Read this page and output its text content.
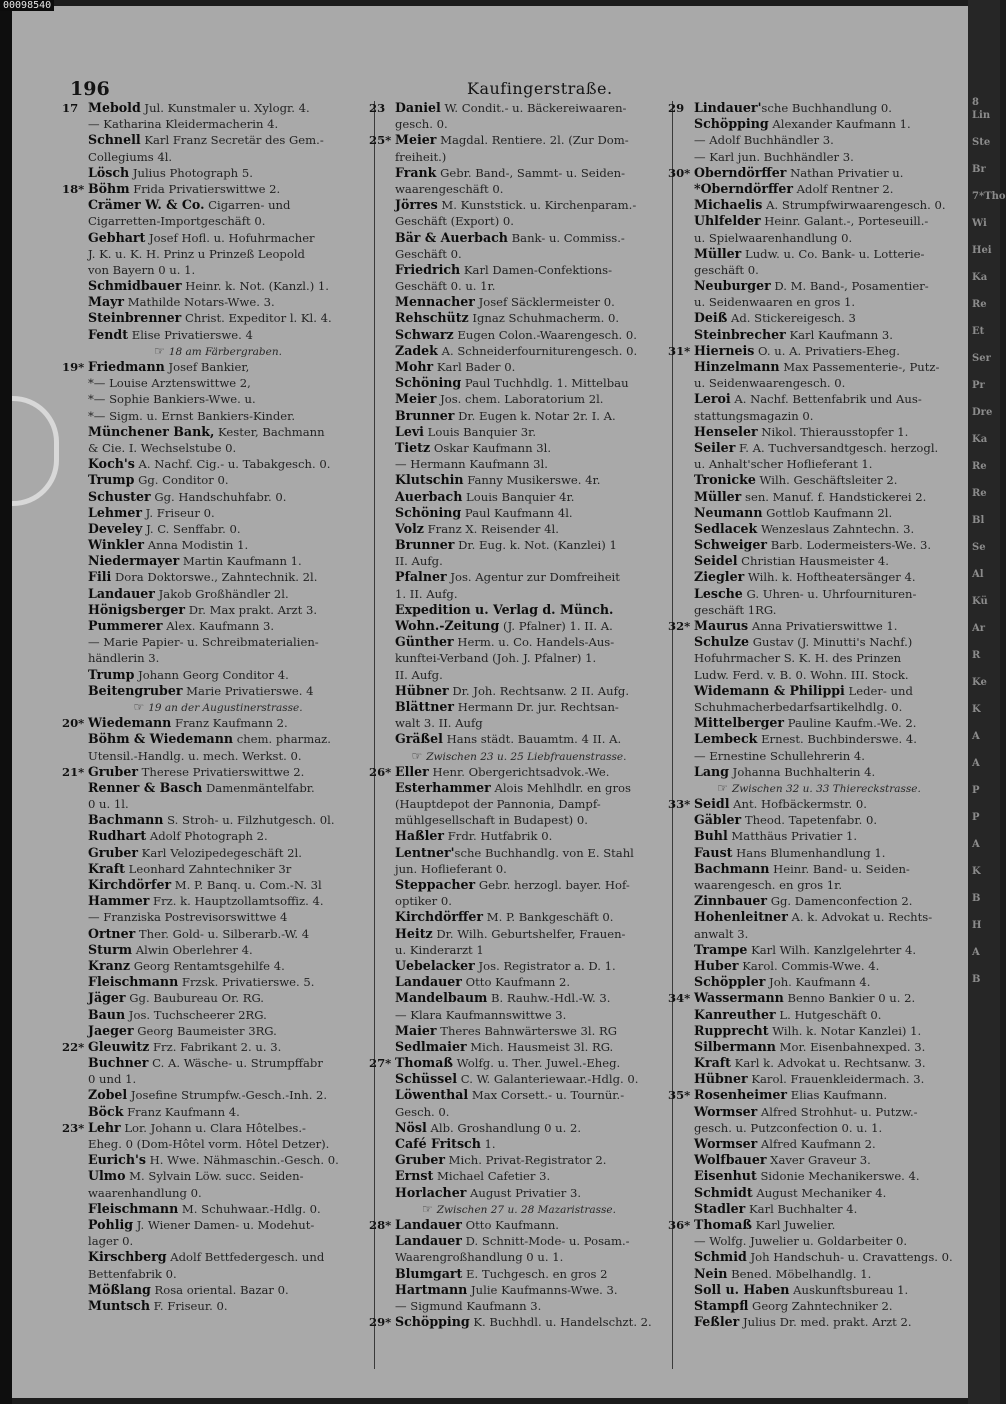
196	Kaufingerstraße.
17 Mebold Jul. Kunstmaler u. Xylogr. 4.
— Katharina Kleidermacherin 4.
Schnell Karl Franz Secretär des Gem.-
Collegiums 4l.
Lösch Julius Photograph 5.
18* Böhm Frida Privatierswittwe 2.
Crämer W. & Co. Cigarren- und
Cigarretten-Importgeschäft 0.
Gebhart Josef Hofl. u. Hofuhrmacher
J. K. u. K. H. Prinz u Prinzeß Leopold
von Bayern 0 u. 1.
Schmidbauer Heinr. k. Not. (Kanzl.) 1.
Mayr Mathilde Notars-Wwe. 3.
Steinbrenner Christ. Expeditor l. Kl. 4.
Fendt Elise Privatierswe. 4
☞ 18 am Färbergraben.
19* Friedmann Josef Bankier,
*— Louise Arztenswittwe 2,
*— Sophie Bankiers-Wwe. u.
*— Sigm. u. Ernst Bankiers-Kinder.
Münchener Bank, Kester, Bachmann
& Cie. I. Wechselstube 0.
Koch's A. Nachf. Cig.- u. Tabakgesch. 0.
Trump Gg. Conditor 0.
Schuster Gg. Handschuhfabr. 0.
Lehmer J. Friseur 0.
Develey J. C. Senffabr. 0.
Winkler Anna Modistin 1.
Niedermayer Martin Kaufmann 1.
Fili Dora Doktorswe., Zahntechnik. 2l.
Landauer Jakob Großhändler 2l.
Hönigsberger Dr. Max prakt. Arzt 3.
Pummerer Alex. Kaufmann 3.
— Marie Papier- u. Schreibmaterialien-
händlerin 3.
Trump Johann Georg Conditor 4.
Beitengruber Marie Privatierswe. 4
☞ 19 an der Augustinerstrasse.
20* Wiedemann Franz Kaufmann 2.
Böhm & Wiedemann chem. pharmaz.
Utensil.-Handlg. u. mech. Werkst. 0.
21* Gruber Therese Privatierswittwe 2.
Renner & Basch Damenmäntelfabr.
0 u. 1l.
Bachmann S. Stroh- u. Filzhutgesch. 0l.
Rudhart Adolf Photograph 2.
Gruber Karl Velozipedegeschäft 2l.
Kraft Leonhard Zahntechniker 3r
Kirchdörfer M. P. Banq. u. Com.-N. 3l
Hammer Frz. k. Hauptzollamtsoffiz. 4.
— Franziska Postrevisorswittwe 4
Ortner Ther. Gold- u. Silberarb.-W. 4
Sturm Alwin Oberlehrer 4.
Kranz Georg Rentamtsgehilfe 4.
Fleischmann Frzsk. Privatierswe. 5.
Jäger Gg. Baubureau Or. RG.
Baun Jos. Tuchscheerer 2RG.
Jaeger Georg Baumeister 3RG.
22* Gleuwitz Frz. Fabrikant 2. u. 3.
Buchner C. A. Wäsche- u. Strumpffabr
0 und 1.
Zobel Josefine Strumpfw.-Gesch.-Inh. 2.
Böck Franz Kaufmann 4.
23* Lehr Lor. Johann u. Clara Hôtelbes.-
Eheg. 0 (Dom-Hôtel vorm. Hôtel Detzer).
Eurich's H. Wwe. Nähmaschin.-Gesch. 0.
Ulmo M. Sylvain Löw. succ. Seiden-
waarenhandlung 0.
Fleischmann M. Schuhwaar.-Hdlg. 0.
Pohlig J. Wiener Damen- u. Modehut-
lager 0.
Kirschberg Adolf Bettfedergesch. und
Bettenfabrik 0.
Mößlang Rosa oriental. Bazar 0.
Muntsch F. Friseur. 0.
23 Daniel W. Condit.- u. Bäckereiwaaren-
gesch. 0.
25* Meier Magdal. Rentiere. 2l. (Zur Dom-
freiheit.)
Frank Gebr. Band-, Sammt- u. Seiden-
waarengeschäft 0.
Jörres M. Kunststick. u. Kirchenparam.-
Geschäft (Export) 0.
Bär & Auerbach Bank- u. Commiss.-
Geschäft 0.
Friedrich Karl Damen-Confektions-
Geschäft 0. u. 1r.
Mennacher Josef Säcklermeister 0.
Rehschütz Ignaz Schuhmacherm. 0.
Schwarz Eugen Colon.-Waarengesch. 0.
Zadek A. Schneiderfourniturengesch. 0.
Mohr Karl Bader 0.
Schöning Paul Tuchhdlg. 1. Mittelbau
Meier Jos. chem. Laboratorium 2l.
Brunner Dr. Eugen k. Notar 2r. I. A.
Levi Louis Banquier 3r.
Tietz Oskar Kaufmann 3l.
— Hermann Kaufmann 3l.
Klutschin Fanny Musikerswe. 4r.
Auerbach Louis Banquier 4r.
Schöning Paul Kaufmann 4l.
Volz Franz X. Reisender 4l.
Brunner Dr. Eug. k. Not. (Kanzlei) 1
II. Aufg.
Pfalner Jos. Agentur zur Domfreiheit
1. II. Aufg.
Expedition u. Verlag d. Münch.
Wohn.-Zeitung (J. Pfalner) 1. II. A.
Günther Herm. u. Co. Handels-Aus-
kunftei-Verband (Joh. J. Pfalner) 1.
II. Aufg.
Hübner Dr. Joh. Rechtsanw. 2 II. Aufg.
Blättner Hermann Dr. jur. Rechtsan-
walt 3. II. Aufg
Gräßel Hans städt. Bauamtm. 4 II. A.
☞ Zwischen 23 u. 25 Liebfrauenstrasse.
26* Eller Henr. Obergerichtsadvok.-We.
Esterhammer Alois Mehlhdlr. en gros
(Hauptdepot der Pannonia, Dampf-
mühlgesellschaft in Budapest) 0.
Haßler Frdr. Hutfabrik 0.
Lentner'sche Buchhandlg. von E. Stahl
jun. Hoflieferant 0.
Steppacher Gebr. herzogl. bayer. Hof-
optiker 0.
Kirchdörffer M. P. Bankgeschäft 0.
Heitz Dr. Wilh. Geburtshelfer, Frauen-
u. Kinderarzt 1
Uebelacker Jos. Registrator a. D. 1.
Landauer Otto Kaufmann 2.
Mandelbaum B. Rauhw.-Hdl.-W. 3.
— Klara Kaufmannswittwe 3.
Maier Theres Bahnwärterswe 3l. RG
Sedlmaier Mich. Hausmeist 3l. RG.
27* Thomaß Wolfg. u. Ther. Juwel.-Eheg.
Schüssel C. W. Galanteriewaar.-Hdlg. 0.
Löwenthal Max Corsett.- u. Tournür.-
Gesch. 0.
Nösl Alb. Groshandlung 0 u. 2.
Café Fritsch 1.
Gruber Mich. Privat-Registrator 2.
Ernst Michael Cafetier 3.
Horlacher August Privatier 3.
☞ Zwischen 27 u. 28 Mazaristrasse.
28* Landauer Otto Kaufmann.
Landauer D. Schnitt-Mode- u. Posam.-
Waarengroßhandlung 0 u. 1.
Blumgart E. Tuchgesch. en gros 2
Hartmann Julie Kaufmanns-Wwe. 3.
— Sigmund Kaufmann 3.
29* Schöpping K. Buchhdl. u. Handelschzt. 2.
29 Lindauer'sche Buchhandlung 0.
Schöpping Alexander Kaufmann 1.
— Adolf Buchhändler 3.
— Karl jun. Buchhändler 3.
30* Oberndörffer Nathan Privatier u.
*Oberndörffer Adolf Rentner 2.
Michaelis A. Strumpfwirwaarengesch. 0.
Uhlfelder Heinr. Galant.-, Porteseuill.-
u. Spielwaarenhandlung 0.
Müller Ludw. u. Co. Bank- u. Lotterie-
geschäft 0.
Neuburger D. M. Band-, Posamentier-
u. Seidenwaaren en gros 1.
Deiß Ad. Stickereigesch. 3
Steinbrecher Karl Kaufmann 3.
31* Hierneis O. u. A. Privatiers-Eheg.
Hinzelmann Max Passementerie-, Putz-
u. Seidenwaarengesch. 0.
Leroi A. Nachf. Bettenfabrik und Aus-
stattungsmagazin 0.
Henseler Nikol. Thierausstopfer 1.
Seiler F. A. Tuchversandtgesch. herzogl.
u. Anhalt'scher Hoflieferant 1.
Tronicke Wilh. Geschäftsleiter 2.
Müller sen. Manuf. f. Handstickerei 2.
Neumann Gottlob Kaufmann 2l.
Sedlacek Wenzeslaus Zahntechn. 3.
Schweiger Barb. Lodermeisters-We. 3.
Seidel Christian Hausmeister 4.
Ziegler Wilh. k. Hoftheatersänger 4.
Lesche G. Uhren- u. Uhrfournituren-
geschäft 1RG.
32* Maurus Anna Privatierswittwe 1.
Schulze Gustav (J. Minutti's Nachf.)
Hofuhrmacher S. K. H. des Prinzen
Ludw. Ferd. v. B. 0. Wohn. III. Stock.
Widemann & Philippi Leder- und
Schuhmacherbedarfsartikelhdlg. 0.
Mittelberger Pauline Kaufm.-We. 2.
Lembeck Ernest. Buchbinderswe. 4.
— Ernestine Schullehrerin 4.
Lang Johanna Buchhalterin 4.
☞ Zwischen 32 u. 33 Thiereckstrasse.
33* Seidl Ant. Hofbäckermstr. 0.
Gäbler Theod. Tapetenfabr. 0.
Buhl Matthäus Privatier 1.
Faust Hans Blumenhandlung 1.
Bachmann Heinr. Band- u. Seiden-
waarengesch. en gros 1r.
Zinnbauer Gg. Damenconfection 2.
Hohenleitner A. k. Advokat u. Rechts-
anwalt 3.
Trampe Karl Wilh. Kanzlgelehrter 4.
Huber Karol. Commis-Wwe. 4.
Schöppler Joh. Kaufmann 4.
34* Wassermann Benno Bankier 0 u. 2.
Kanreuther L. Hutgeschäft 0.
Rupprecht Wilh. k. Notar Kanzlei) 1.
Silbermann Mor. Eisenbahnexped. 3.
Kraft Karl k. Advokat u. Rechtsanw. 3.
Hübner Karol. Frauenkleidermach. 3.
35* Rosenheimer Elias Kaufmann.
Wormser Alfred Strohhut- u. Putzw.-
gesch. u. Putzconfection 0. u. 1.
Wormser Alfred Kaufmann 2.
Wolfbauer Xaver Graveur 3.
Eisenhut Sidonie Mechanikerswe. 4.
Schmidt August Mechaniker 4.
Stadler Karl Buchhalter 4.
36* Thomaß Karl Juwelier.
— Wolfg. Juwelier u. Goldarbeiter 0.
Schmid Joh Handschuh- u. Cravattengs. 0.
Nein Bened. Möbelhandlg. 1.
Soll u. Haben Auskunftsbureau 1.
Stampfl Georg Zahntechniker 2.
Feßler Julius Dr. med. prakt. Arzt 2.
8 Lin
Ste
Br
7*Tho
Wi
Hei
Ka
Re
Et
Ser
Pr
Dre
Ka
Re
Re
Bl
Se
Al
Kü
Ar
R
Ke
K
A
A
P
P
A
K
B
H
A
B
00098540
